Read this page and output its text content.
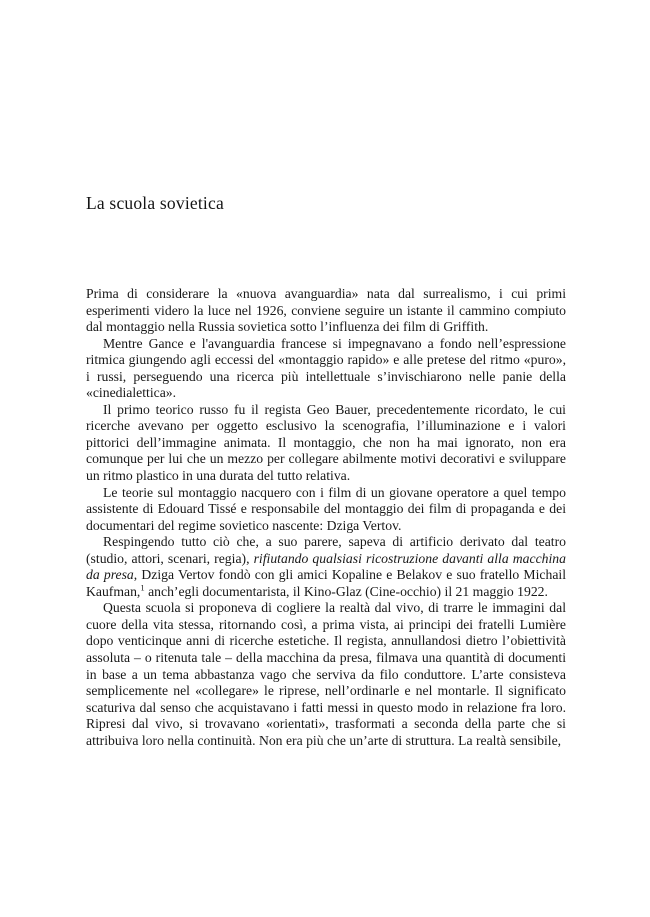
La scuola sovietica

Prima di considerare la «nuova avanguardia» nata dal surrealismo, i cui primi esperimenti videro la luce nel 1926, conviene seguire un istante il cammino compiuto dal montaggio nella Russia sovietica sotto l’influenza dei film di Griffith.

Mentre Gance e l'avanguardia francese si impegnavano a fondo nell’espressione ritmica giungendo agli eccessi del «montaggio rapido» e alle pretese del ritmo «puro», i russi, perseguendo una ricerca più intellettuale s’invischiarono nelle panie della «cinedialettica».

Il primo teorico russo fu il regista Geo Bauer, precedentemente ricordato, le cui ricerche avevano per oggetto esclusivo la scenografia, l’illuminazione e i valori pittorici dell’immagine animata. Il montaggio, che non ha mai ignorato, non era comunque per lui che un mezzo per collegare abilmente motivi decorativi e sviluppare un ritmo plastico in una durata del tutto relativa.

Le teorie sul montaggio nacquero con i film di un giovane operatore a quel tempo assistente di Edouard Tissé e responsabile del montaggio dei film di propaganda e dei documentari del regime sovietico nascente: Dziga Vertov.

Respingendo tutto ciò che, a suo parere, sapeva di artificio derivato dal teatro (studio, attori, scenari, regia), rifiutando qualsiasi ricostruzione davanti alla macchina da presa, Dziga Vertov fondò con gli amici Kopaline e Belakov e suo fratello Michail Kaufman,$^1$ anch’egli documentarista, il Kino-Glaz (Cine-occhio) il 21 maggio 1922.

Questa scuola si proponeva di cogliere la realtà dal vivo, di trarre le immagini dal cuore della vita stessa, ritornando così, a prima vista, ai principi dei fratelli Lumière dopo venticinque anni di ricerche estetiche. Il regista, annullandosi dietro l’obiettività assoluta – o ritenuta tale – della macchina da presa, filmava una quantità di documenti in base a un tema abbastanza vago che serviva da filo conduttore. L’arte consisteva semplicemente nel «collegare» le riprese, nell’ordinarle e nel montarle. Il significato scaturiva dal senso che acquistavano i fatti messi in questo modo in relazione fra loro. Ripresi dal vivo, si trovavano «orientati», trasformati a seconda della parte che si attribuiva loro nella continuità. Non era più che un’arte di struttura. La realtà sensibile,
